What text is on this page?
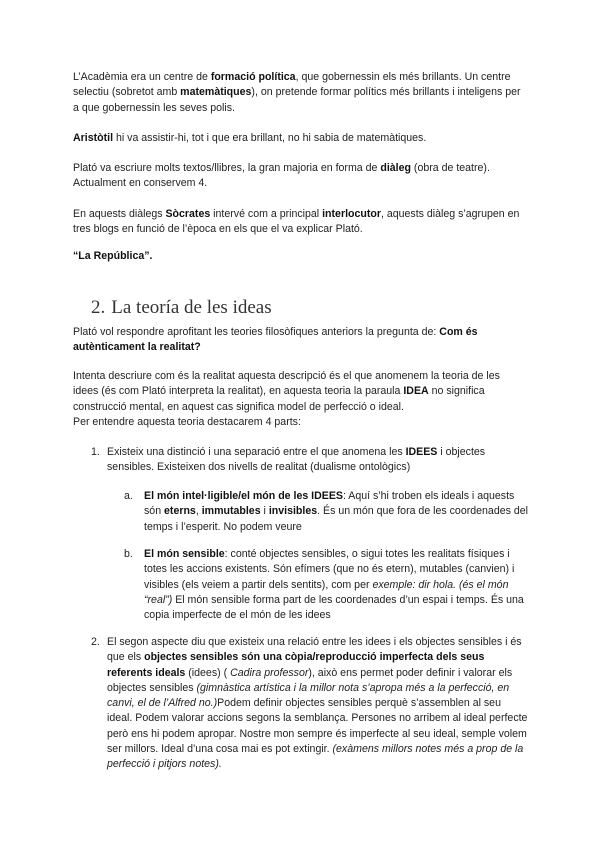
L’Acadèmia era un centre de formació política, que gobernessin els més brillants. Un centre selectiu (sobretot amb matemàtiques), on pretende formar polítics més brillants i inteligens per a que gobernessin les seves polis.

Aristòtil hi va assistir-hi, tot i que era brillant, no hi sabia de matemàtiques.

Plató va escriure molts textos/llibres, la gran majoria en forma de diàleg (obra de teatre). Actualment en conservem 4.

En aquests diàlegs Sòcrates intervé com a principal interlocutor, aquests diàleg s’agrupen en tres blogs en funció de l’època en els que el va explicar Plató.

“La República”.

2. La teoría de les ideas

Plató vol respondre aprofitant les teories filosòfiques anteriors la pregunta de: Com és autènticament la realitat?

Intenta descriure com és la realitat aquesta descripció és el que anomenem la teoria de les idees (és com Plató interpreta la realitat), en aquesta teoria la paraula IDEA no significa construcció mental, en aquest cas significa model de perfecció o ideal.
Per entendre aquesta teoria destacarem 4 parts:

1. Existeix una distinció i una separació entre el que anomena les IDEES i objectes sensibles. Existeixen dos nivells de realitat (dualisme ontològics)

a. El món intel·ligible/el món de les IDEES: Aquí s’hi troben els ideals i aquests són eterns, immutables i invisibles. És un món que fora de les coordenades del temps i l’esperit. No podem veure

b. El món sensible: conté objectes sensibles, o sigui totes les realitats físiques i totes les accions existents. Són efímers (que no és etern), mutables (canvien) i visibles (els veiem a partir dels sentits), com per exemple: dir hola. (és el món “real”) El món sensible forma part de les coordenades d’un espai i temps. És una copia imperfecte de el món de les idees

2. El segon aspecte diu que existeix una relació entre les idees i els objectes sensibles i és que els objectes sensibles són una còpia/reproducció imperfecta dels seus referents ideals (idees) ( Cadira professor), això ens permet poder definir i valorar els objectes sensibles (gimnàstica artística i la millor nota s’apropa més a la perfecció, en canvi, el de l’Alfred no.)Podem definir objectes sensibles perquè s’assemblen al seu ideal. Podem valorar accions segons la semblança. Persones no arribem al ideal perfecte però ens hi podem apropar. Nostre mon sempre és imperfecte al seu ideal, semple volem ser millors. Ideal d’una cosa mai es pot extingir. (exàmens millors notes més a prop de la perfecció i pitjors notes).
